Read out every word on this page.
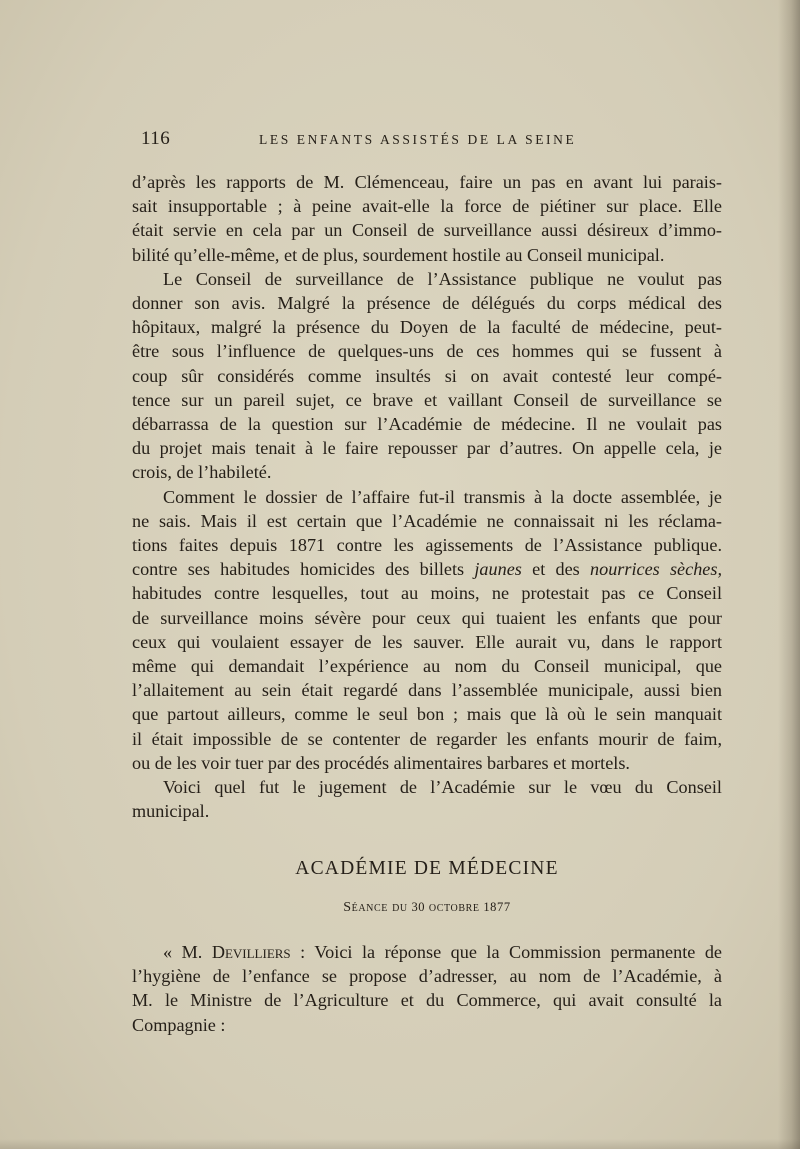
116	LES ENFANTS ASSISTÉS DE LA SEINE
d’après les rapports de M. Clémenceau, faire un pas en avant lui parais-
sait insupportable ; à peine avait-elle la force de piétiner sur place. Elle
était servie en cela par un Conseil de surveillance aussi désireux d’immo-
bilité qu’elle-même, et de plus, sourdement hostile au Conseil municipal.
Le Conseil de surveillance de l’Assistance publique ne voulut pas
donner son avis. Malgré la présence de délégués du corps médical des
hôpitaux, malgré la présence du Doyen de la faculté de médecine, peut-
être sous l’influence de quelques-uns de ces hommes qui se fussent à
coup sûr considérés comme insultés si on avait contesté leur compé-
tence sur un pareil sujet, ce brave et vaillant Conseil de surveillance se
débarrassa de la question sur l’Académie de médecine. Il ne voulait pas
du projet mais tenait à le faire repousser par d’autres. On appelle cela, je
crois, de l’habileté.
Comment le dossier de l’affaire fut-il transmis à la docte assemblée, je
ne sais. Mais il est certain que l’Académie ne connaissait ni les réclama-
tions faites depuis 1871 contre les agissements de l’Assistance publique.
contre ses habitudes homicides des billets jaunes et des nourrices sèches,
habitudes contre lesquelles, tout au moins, ne protestait pas ce Conseil
de surveillance moins sévère pour ceux qui tuaient les enfants que pour
ceux qui voulaient essayer de les sauver. Elle aurait vu, dans le rapport
même qui demandait l’expérience au nom du Conseil municipal, que
l’allaitement au sein était regardé dans l’assemblée municipale, aussi bien
que partout ailleurs, comme le seul bon ; mais que là où le sein manquait
il était impossible de se contenter de regarder les enfants mourir de faim,
ou de les voir tuer par des procédés alimentaires barbares et mortels.
Voici quel fut le jugement de l’Académie sur le vœu du Conseil
municipal.
ACADÉMIE DE MÉDECINE
Séance du 30 octobre 1877
« M. Devilliers : Voici la réponse que la Commission permanente de
l’hygiène de l’enfance se propose d’adresser, au nom de l’Académie, à
M. le Ministre de l’Agriculture et du Commerce, qui avait consulté la
Compagnie :
